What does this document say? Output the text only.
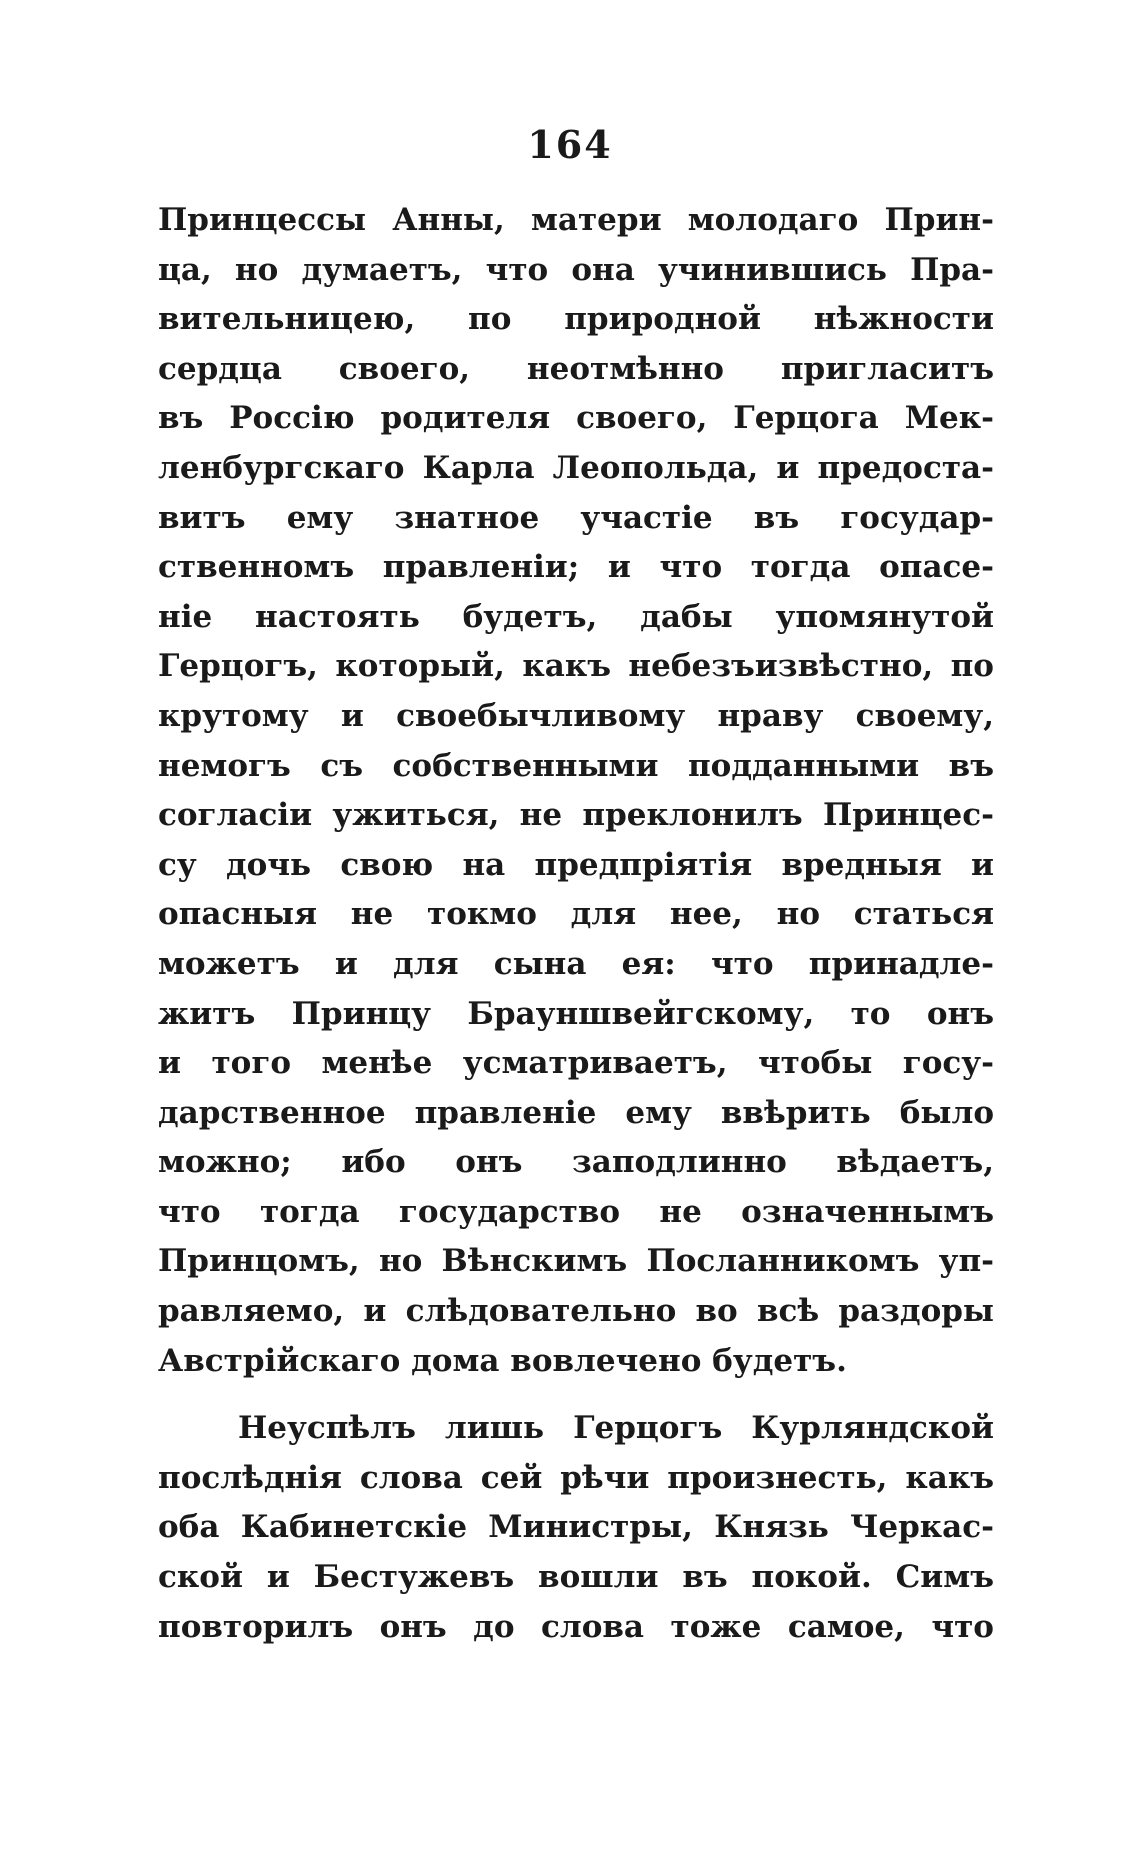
164
Принцессы Анны, матери молодаго Прин-
ца, но думаетъ, что она учинившись Пра-
вительницею, по природной нѣжности
сердца своего, неотмѣнно пригласитъ
въ Россію родителя своего, Герцога Мек-
ленбургскаго Карла Леопольда, и предоста-
витъ ему знатное участіе въ государ-
ственномъ правленіи; и что тогда опасе-
ніе настоять будетъ, дабы упомянутой
Герцогъ, который, какъ небезъизвѣстно, по
крутому и своебычливому нраву своему,
немогъ съ собственными подданными въ
согласіи ужиться, не преклонилъ Принцес-
су дочь свою на предпріятія вредныя и
опасныя не токмо для нее, но статься
можетъ и для сына ея: что принадле-
житъ Принцу Брауншвейгскому, то онъ
и того менѣе усматриваетъ, чтобы госу-
дарственное правленіе ему ввѣрить было
можно; ибо онъ заподлинно вѣдаетъ,
что тогда государство не означеннымъ
Принцомъ, но Вѣнскимъ Посланникомъ уп-
равляемо, и слѣдовательно во всѣ раздоры
Австрійскаго дома вовлечено будетъ.
Неуспѣлъ лишь Герцогъ Курляндской
послѣднія слова сей рѣчи произнесть, какъ
оба Кабинетскіе Министры, Князь Черкас-
ской и Бестужевъ вошли въ покой. Симъ
повторилъ онъ до слова тоже самое, что
